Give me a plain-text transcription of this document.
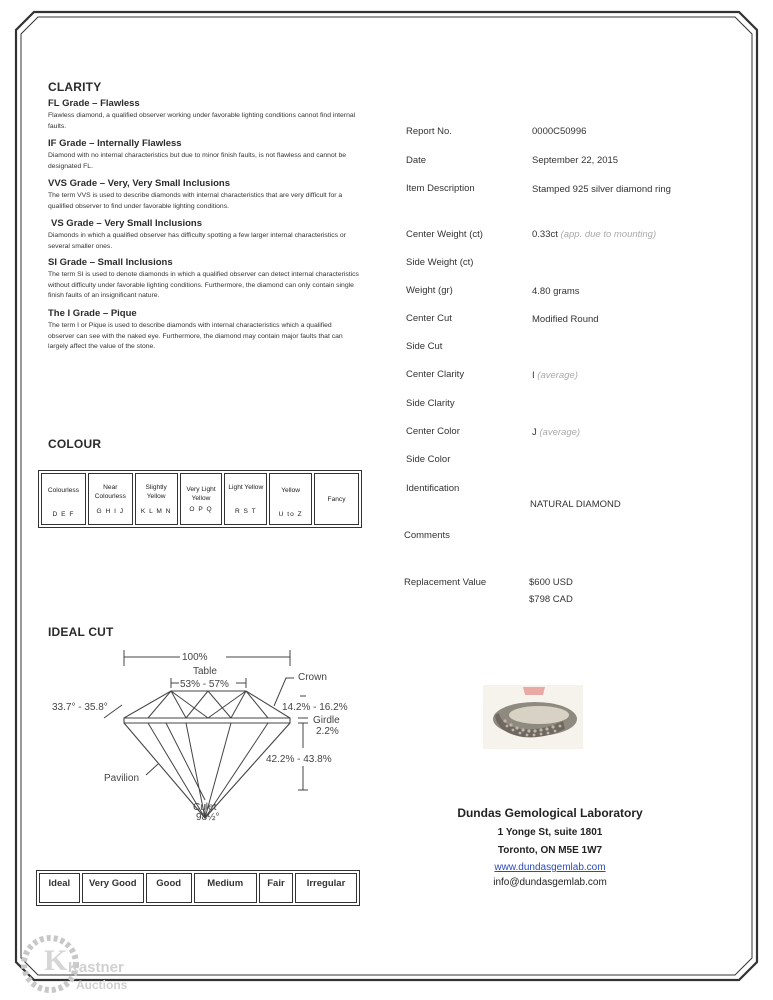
CLARITY

FL Grade – Flawless

Flawless diamond, a qualified observer working under favorable lighting conditions cannot find internal faults.

IF Grade – Internally Flawless

Diamond with no internal characteristics but due to minor finish faults, is not flawless and cannot be designated FL.

VVS Grade – Very, Very Small Inclusions

The term VVS is used to describe diamonds with internal characteristics that are very difficult for a qualified observer to find under favorable lighting conditions.

VS Grade – Very Small Inclusions

Diamonds in which a qualified observer has difficulty spotting a few larger internal characteristics or several smaller ones.

SI Grade – Small Inclusions

The term SI is used to denote diamonds in which a qualified observer can detect internal characteristics without difficulty under favorable lighting conditions. Furthermore, the diamond can only contain single finish faults of an insignificant nature.

The I Grade – Pique

The term I or Pique is used to describe diamonds with internal characteristics which a qualified observer can see with the naked eye. Furthermore, the diamond may contain major faults that can largely affect the value of the stone.

COLOUR
Colourless
D E F

Near Colourless
G H I J

Slightly Yellow
K L M N

Very Light Yellow
O P Q

Light Yellow
R S T

Yellow
U to Z
	Fancy
IDEAL CUT
100%
Table
53% - 57%
Crown
33.7° - 35.8°	14.2% - 16.2%
Girdle
2.2%
42.2% - 43.8%
Pavilion
Culet
98½°
Ideal	Very Good	Good	Medium	Fair	Irregular
Report No.	0000C50996
Date	September 22, 2015
Item Description	Stamped 925 silver diamond ring
Center Weight (ct)	0.33ct (app. due to mounting)
Side Weight (ct)
Weight (gr)	4.80 grams
Center Cut	Modified Round
Side Cut
Center Clarity	I (average)
Side Clarity
Center Color	J (average)
Side Color
Identification
NATURAL DIAMOND
Comments
Replacement Value	$600 USD
$798 CAD
Dundas Gemological Laboratory
1 Yonge St, suite 1801
Toronto, ON M5E 1W7
www.dundasgemlab.com
info@dundasgemlab.com
K Kastner
Auctions
